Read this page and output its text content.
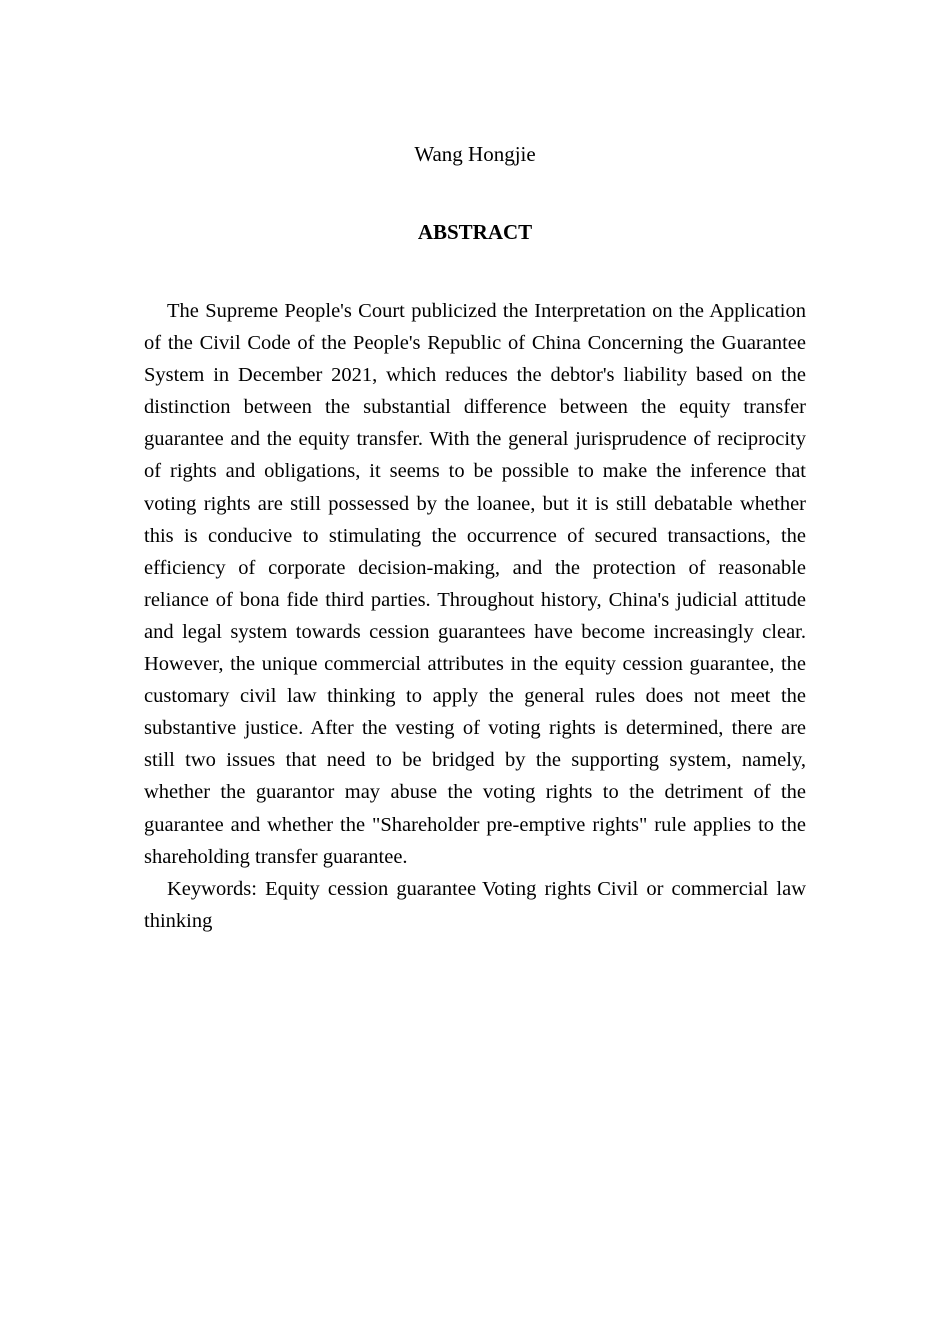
Wang Hongjie
ABSTRACT

The Supreme People's Court publicized the Interpretation on the Application of the Civil Code of the People's Republic of China Concerning the Guarantee System in December 2021, which reduces the debtor's liability based on the distinction between the substantial difference between the equity transfer guarantee and the equity transfer. With the general jurisprudence of reciprocity of rights and obligations, it seems to be possible to make the inference that voting rights are still possessed by the loanee, but it is still debatable whether this is conducive to stimulating the occurrence of secured transactions, the efficiency of corporate decision-making, and the protection of reasonable reliance of bona fide third parties. Throughout history, China's judicial attitude and legal system towards cession guarantees have become increasingly clear. However, the unique commercial attributes in the equity cession guarantee, the customary civil law thinking to apply the general rules does not meet the substantive justice. After the vesting of voting rights is determined, there are still two issues that need to be bridged by the supporting system, namely, whether the guarantor may abuse the voting rights to the detriment of the guarantee and whether the "Shareholder pre-emptive rights" rule applies to the shareholding transfer guarantee.

Keywords: Equity cession guarantee Voting rights Civil or commercial law thinking
